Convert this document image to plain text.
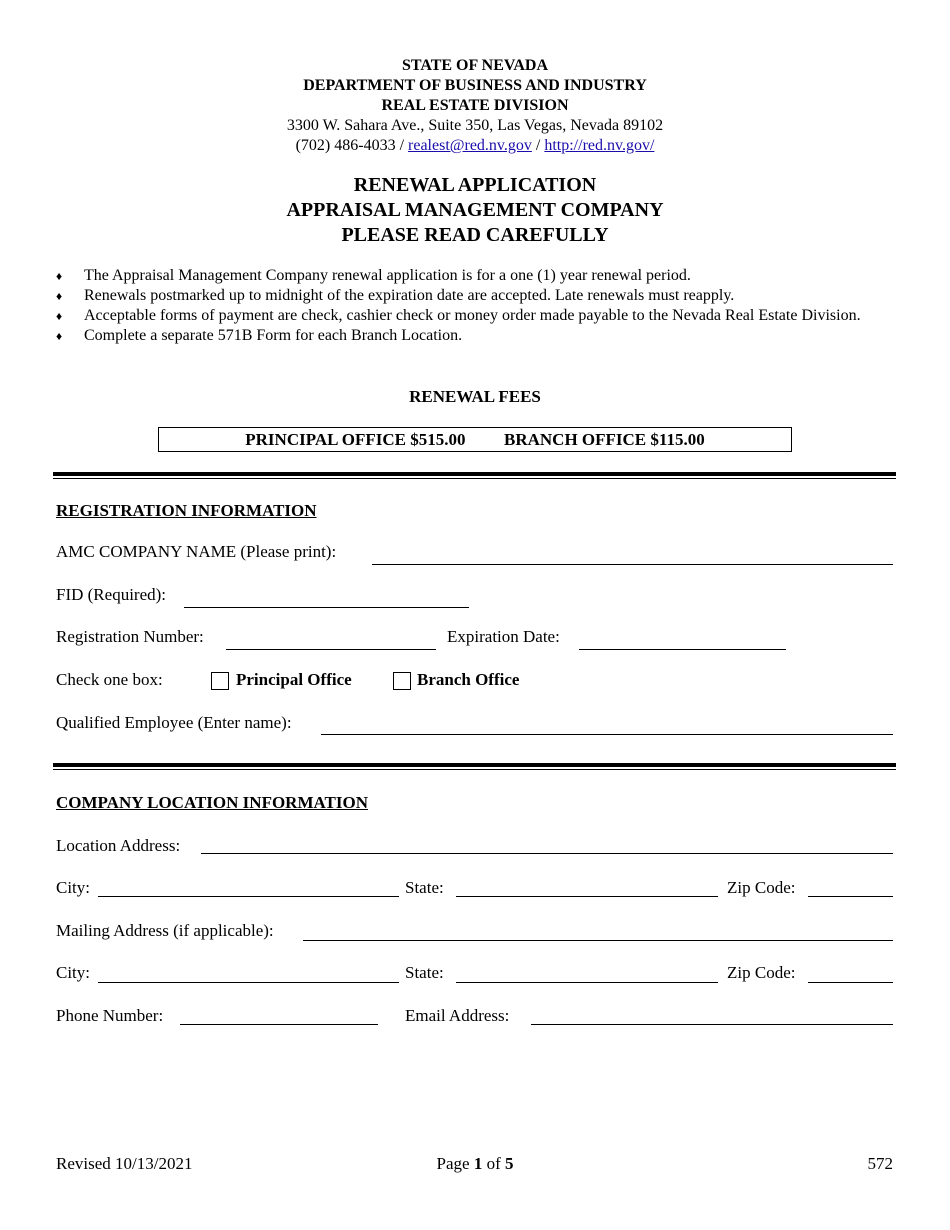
STATE OF NEVADA
DEPARTMENT OF BUSINESS AND INDUSTRY
REAL ESTATE DIVISION
3300 W. Sahara Ave., Suite 350, Las Vegas, Nevada 89102
(702) 486-4033 / realest@red.nv.gov / http://red.nv.gov/
RENEWAL APPLICATION
APPRAISAL MANAGEMENT COMPANY
PLEASE READ CAREFULLY
♦ The Appraisal Management Company renewal application is for a one (1) year renewal period.
♦ Renewals postmarked up to midnight of the expiration date are accepted. Late renewals must reapply.
♦ Acceptable forms of payment are check, cashier check or money order made payable to the Nevada Real Estate Division.
♦ Complete a separate 571B Form for each Branch Location.
RENEWAL FEES
PRINCIPAL OFFICE $515.00 BRANCH OFFICE $115.00
REGISTRATION INFORMATION
AMC COMPANY NAME (Please print):
FID (Required):
Registration Number:	Expiration Date:
Check one box:	Principal Office	Branch Office
Qualified Employee (Enter name):
COMPANY LOCATION INFORMATION
Location Address:
City:	State:	Zip Code:
Mailing Address (if applicable):
City:	State:	Zip Code:
Phone Number:	Email Address:
Revised 10/13/2021	Page 1 of 5	572
